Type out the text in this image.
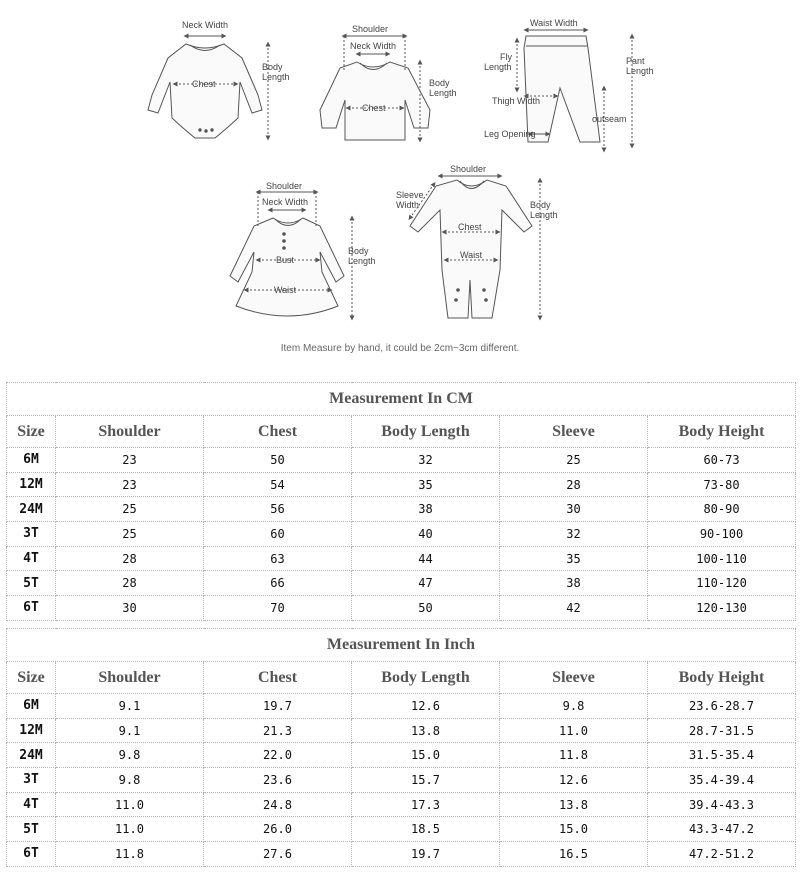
Neck Width
Chest
Body
Length
Shoulder
Neck Width
Chest
Body
Length
Waist Width
Fly
Length
Pant
Length
Thigh Width
outseam
Leg Opening
Shoulder
Neck Width
Bust
Waist
Body
Length
Shoulder
Sleeve
Width
Chest
Waist
Body
Length
Item Measure by hand, it could be 2cm~3cm different.
Measurement In CM					
Size	Shoulder	Chest	Body Length	Sleeve	Body Height
6M	23	50	32	25	60-73
12M	23	54	35	28	73-80
24M	25	56	38	30	80-90
3T	25	60	40	32	90-100
4T	28	63	44	35	100-110
5T	28	66	47	38	110-120
6T	30	70	50	42	120-130
Measurement In Inch					
Size	Shoulder	Chest	Body Length	Sleeve	Body Height
6M	9.1	19.7	12.6	9.8	23.6-28.7
12M	9.1	21.3	13.8	11.0	28.7-31.5
24M	9.8	22.0	15.0	11.8	31.5-35.4
3T	9.8	23.6	15.7	12.6	35.4-39.4
4T	11.0	24.8	17.3	13.8	39.4-43.3
5T	11.0	26.0	18.5	15.0	43.3-47.2
6T	11.8	27.6	19.7	16.5	47.2-51.2
